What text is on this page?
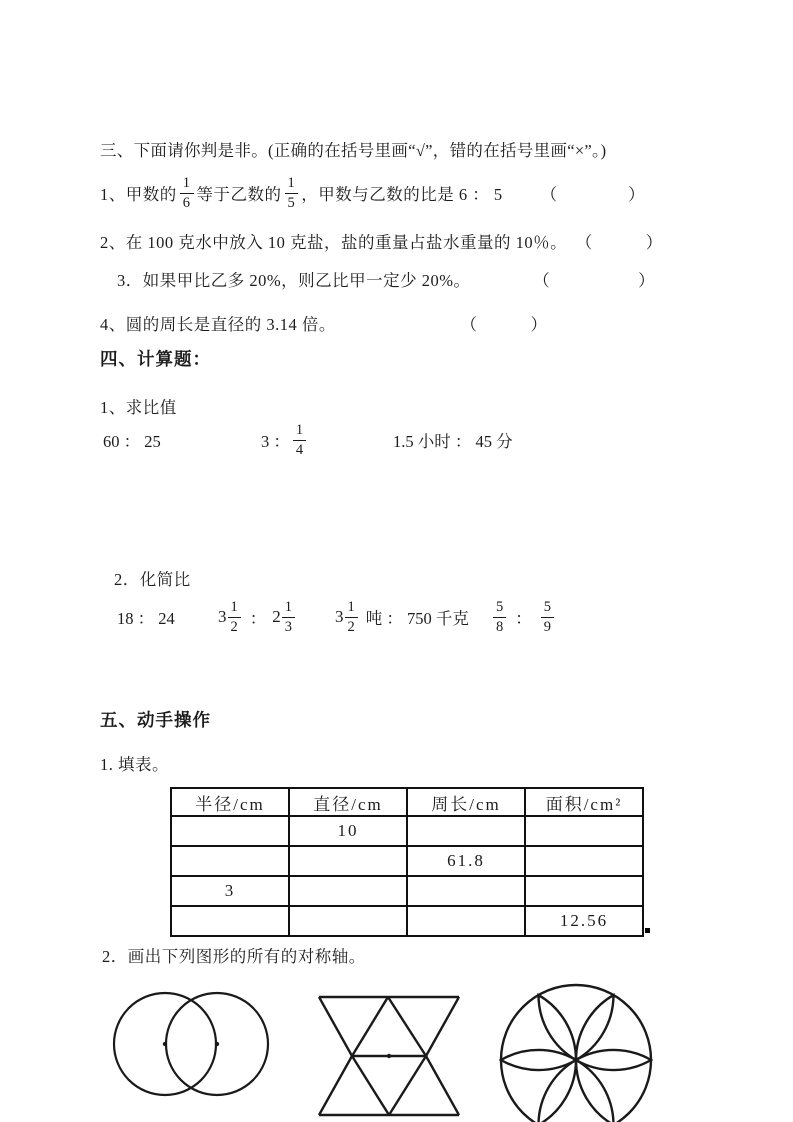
三、下面请你判是非。(正确的在括号里画“√”，错的在括号里画“×”。)
1、甲数的 $\frac{1}{6}$ 等于乙数的 $\frac{1}{5}$ ，甲数与乙数的比是 6 ： 5 （　　　　）
2、在 100 克水中放入 10 克盐，盐的重量占盐水重量的 10％。 （　　　）
3．如果甲比乙多 20%，则乙比甲一定少 20%。	（　　　　　）
4、圆的周长是直径的 3.14 倍。	（　　　）
四、计算题：
1、求比值
60 ： 25	3 ： $\frac{1}{4}$	1.5 小时 ： 45 分
2．化简比
18 ： 24	$3 \frac{1}{2}$ ： $2 \frac{1}{3} 3 \frac{1}{2}$ 吨 ： 750 千克 $\frac{5}{8}$ ： $\frac{5}{9}$
五、动手操作
1. 填表。
半径/cm	直径/cm	周长/cm	面积/cm²
	10		
		61.8	
3			
			12.56
2．画出下列图形的所有的对称轴。
